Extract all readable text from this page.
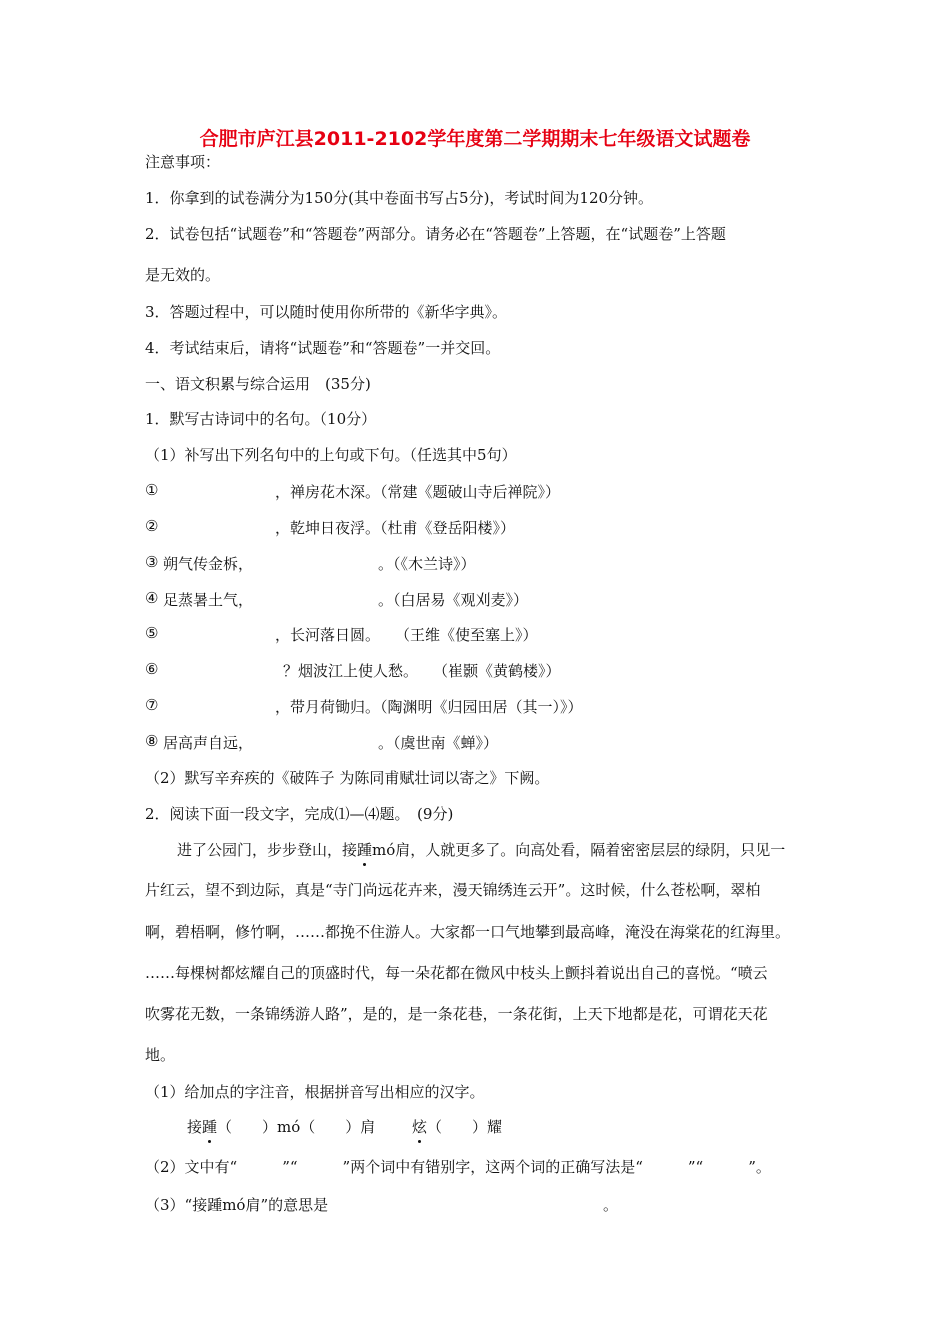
合肥市庐江县2011-2102学年度第二学期期末七年级语文试题卷
注意事项：
1．你拿到的试卷满分为150分(其中卷面书写占5分)，考试时间为120分钟。
2．试卷包括“试题卷”和“答题卷”两部分。请务必在“答题卷”上答题，在“试题卷”上答题
是无效的。
3．答题过程中，可以随时使用你所带的《新华字典》。
4．考试结束后，请将“试题卷”和“答题卷”一并交回。
一、语文积累与综合运用　(35分)
1．默写古诗词中的名句。（10分）
（1）补写出下列名句中的上句或下句。（任选其中5句）
①	，禅房花木深。（常建《题破山寺后禅院》）
②	，乾坤日夜浮。（杜甫《登岳阳楼》）
③ 朔气传金柝，	。（《木兰诗》）
④ 足蒸暑土气，	。（白居易《观刈麦》）
⑤	，长河落日圆。　　（王维《使至塞上》）
⑥	？烟波江上使人愁。　　（崔颢《黄鹤楼》）
⑦	，带月荷锄归。（陶渊明《归园田居（其一）》）
⑧ 居高声自远，	。（虞世南《蝉》）
（2）默写辛弃疾的《破阵子 为陈同甫赋壮词以寄之》下阙。
2．阅读下面一段文字，完成⑴—⑷题。　(9分)
进了公园门，步步登山，接踵mó肩，人就更多了。向高处看，隔着密密层层的绿阴，只见一
片红云，望不到边际，真是“寺门尚远花卉来，漫天锦绣连云开”。这时候，什么苍松啊，翠柏
啊，碧梧啊，修竹啊，……都挽不住游人。大家都一口气地攀到最高峰，淹没在海棠花的红海里。
……每棵树都炫耀自己的顶盛时代，每一朵花都在微风中枝头上颤抖着说出自己的喜悦。“喷云
吹雾花无数，一条锦绣游人路”，是的，是一条花巷，一条花街，上天下地都是花，可谓花天花
地。
（1）给加点的字注音，根据拼音写出相应的汉字。
接踵（　　）mó（　　）肩 炫（　　）耀
（2）文中有“　　　”“　　　”两个词中有错别字，这两个词的正确写法是“　　　”“　　　”。
（3）“接踵mó肩”的意思是	。
